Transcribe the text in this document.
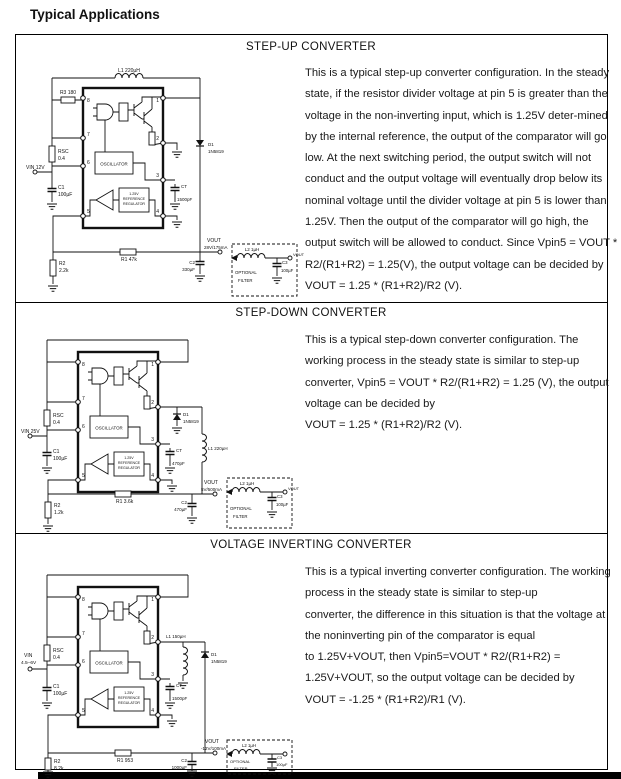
Typical Applications
STEP-UP CONVERTER
This is a typical step-up converter configuration. In the steady
state, if the resistor divider voltage at pin 5 is greater than the
voltage in the non-inverting input, which is 1.25V deter-mined
by the internal reference, the output of the comparator will go
low. At the next switching period, the output switch will not
conduct and the output voltage will eventually drop below its
nominal voltage until the divider voltage at pin 5 is lower than
1.25V. Then the output of the comparator will go high, the
output switch will be allowed to conduct. Since Vpin5 = VOUT *
R2/(R1+R2) = 1.25(V), the output voltage can be decided by
VOUT = 1.25 * (R1+R2)/R2 (V).
L1 220µH
R3 180
VIN 12V
RSC
0.4
C1
100µF
D1
1N5819
CT
1500pF
R1 47k
R2
2.2k
VOUT
28V/175mA
C2
330µF
L2 1µH
OPTIONAL
FILTER
C3
100µF
VOUT
STEP-DOWN CONVERTER
This is a typical step-down converter configuration. The
working process in the steady state is similar to step-up
converter, Vpin5 = VOUT * R2/(R1+R2) = 1.25 (V), the output
voltage can be decided by
VOUT = 1.25 * (R1+R2)/R2 (V).
VIN 25V
RSC
0.4
C1
100µF
D1
1N5819
L1 220µH
CT
470pF
R1 3.6k
R2
1.2k
VOUT
5V/500mA
C2
470µF
L2 1µH
OPTIONAL
FILTER
C3
100µF
VOUT
VOLTAGE INVERTING CONVERTER
This is a typical inverting converter configuration. The working
process in the steady state is similar to step-up
converter, the difference in this situation is that the voltage at
the noninverting pin of the comparator is equal
to 1.25V+VOUT, then Vpin5=VOUT * R2/(R1+R2) =
1.25V+VOUT, so the output voltage can be decided by
VOUT = -1.25 * (R1+R2)/R1 (V).
VIN
4.5–6V
RSC
0.4
C1
100µF
L1 150µH
D1
1N5819
CT
1500pF
R1 953
R2
8.2k
VOUT
-12V/100mA
C2
1000µF
L2 1µH
OPTIONAL
FILTER
C3
100µF
